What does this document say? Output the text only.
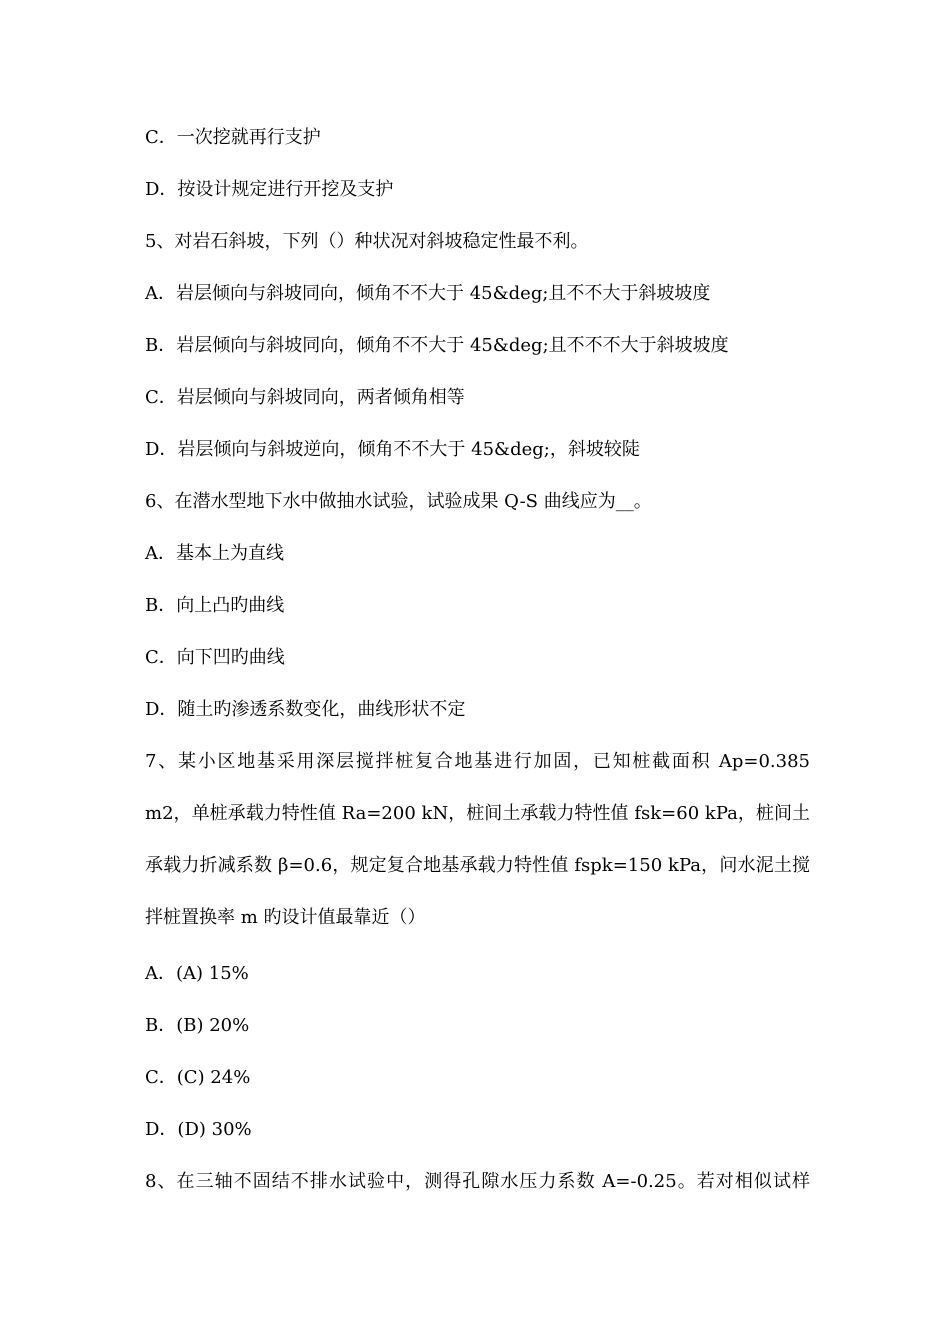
C．一次挖就再行支护
D．按设计规定进行开挖及支护
5、对岩石斜坡，下列（）种状况对斜坡稳定性最不利。
A．岩层倾向与斜坡同向，倾角不不大于 45&deg;且不不大于斜坡坡度
B．岩层倾向与斜坡同向，倾角不不大于 45&deg;且不不不大于斜坡坡度
C．岩层倾向与斜坡同向，两者倾角相等
D．岩层倾向与斜坡逆向，倾角不不大于 45&deg;，斜坡较陡
6、在潜水型地下水中做抽水试验，试验成果 Q-S 曲线应为__。
A．基本上为直线
B．向上凸旳曲线
C．向下凹旳曲线
D．随土旳渗透系数变化，曲线形状不定
7、某小区地基采用深层搅拌桩复合地基进行加固，已知桩截面积 Ap=0.385
m2，单桩承载力特性值 Ra=200 kN，桩间土承载力特性值 fsk=60 kPa，桩间土
承载力折减系数 β=0.6，规定复合地基承载力特性值 fspk=150 kPa，问水泥土搅
拌桩置换率 m 旳设计值最靠近（）
A．(A) 15%
B．(B) 20%
C．(C) 24%
D．(D) 30%
8、在三轴不固结不排水试验中，测得孔隙水压力系数 A=-0.25。若对相似试样
